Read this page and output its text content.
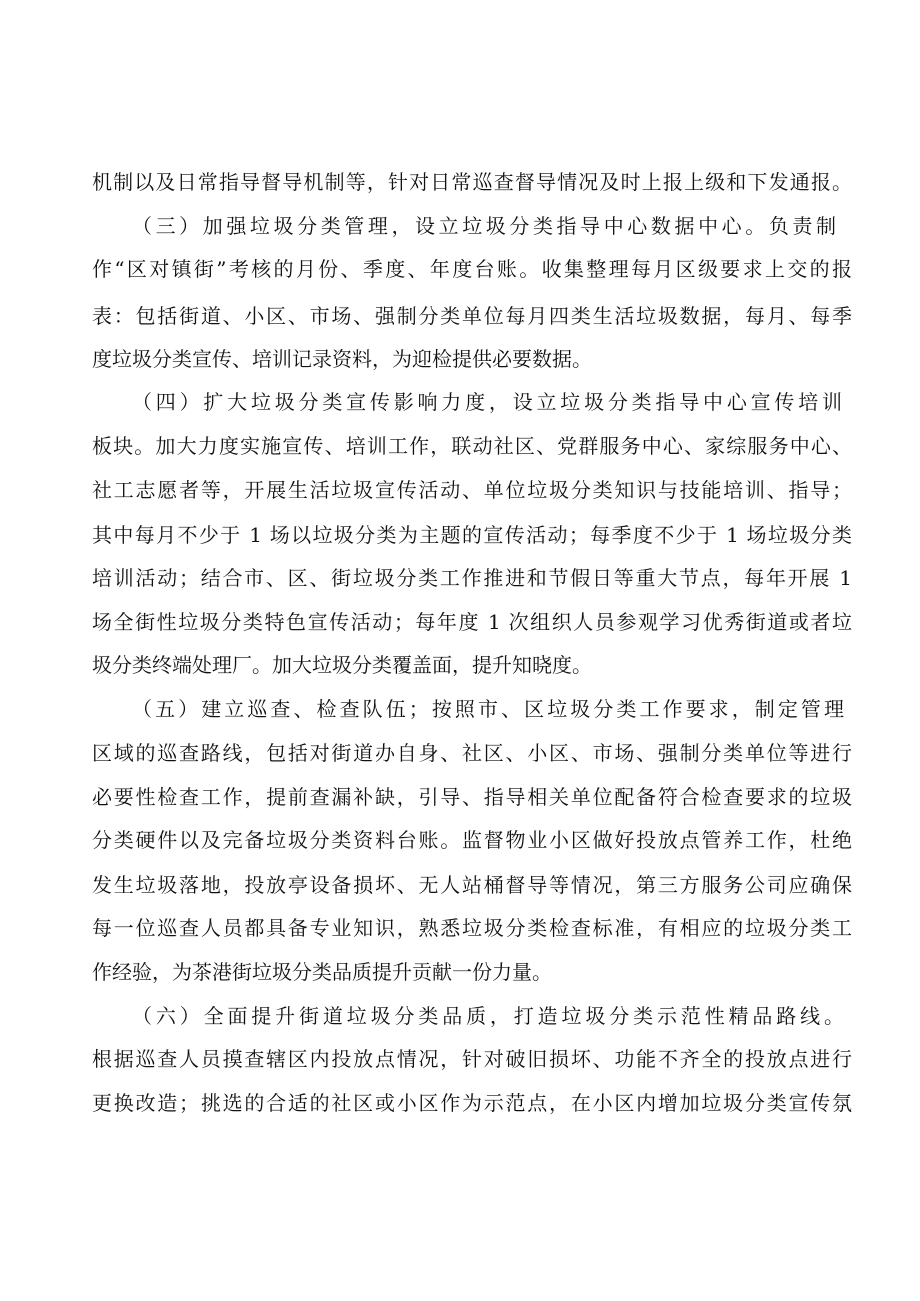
机制以及日常指导督导机制等，针对日常巡查督导情况及时上报上级和下发通报。
（三）加强垃圾分类管理，设立垃圾分类指导中心数据中心。负责制
作“区对镇街”考核的月份、季度、年度台账。收集整理每月区级要求上交的报
表：包括街道、小区、市场、强制分类单位每月四类生活垃圾数据，每月、每季
度垃圾分类宣传、培训记录资料，为迎检提供必要数据。
（四）扩大垃圾分类宣传影响力度，设立垃圾分类指导中心宣传培训
板块。加大力度实施宣传、培训工作，联动社区、党群服务中心、家综服务中心、
社工志愿者等，开展生活垃圾宣传活动、单位垃圾分类知识与技能培训、指导；
其中每月不少于 1 场以垃圾分类为主题的宣传活动；每季度不少于 1 场垃圾分类
培训活动；结合市、区、街垃圾分类工作推进和节假日等重大节点，每年开展 1
场全街性垃圾分类特色宣传活动；每年度 1 次组织人员参观学习优秀街道或者垃
圾分类终端处理厂。加大垃圾分类覆盖面，提升知晓度。
（五）建立巡查、检查队伍；按照市、区垃圾分类工作要求，制定管理
区域的巡查路线，包括对街道办自身、社区、小区、市场、强制分类单位等进行
必要性检查工作，提前查漏补缺，引导、指导相关单位配备符合检查要求的垃圾
分类硬件以及完备垃圾分类资料台账。监督物业小区做好投放点管养工作，杜绝
发生垃圾落地，投放亭设备损坏、无人站桶督导等情况，第三方服务公司应确保
每一位巡查人员都具备专业知识，熟悉垃圾分类检查标准，有相应的垃圾分类工
作经验，为茶港街垃圾分类品质提升贡献一份力量。
（六）全面提升街道垃圾分类品质，打造垃圾分类示范性精品路线。
根据巡查人员摸查辖区内投放点情况，针对破旧损坏、功能不齐全的投放点进行
更换改造；挑选的合适的社区或小区作为示范点，在小区内增加垃圾分类宣传氛
